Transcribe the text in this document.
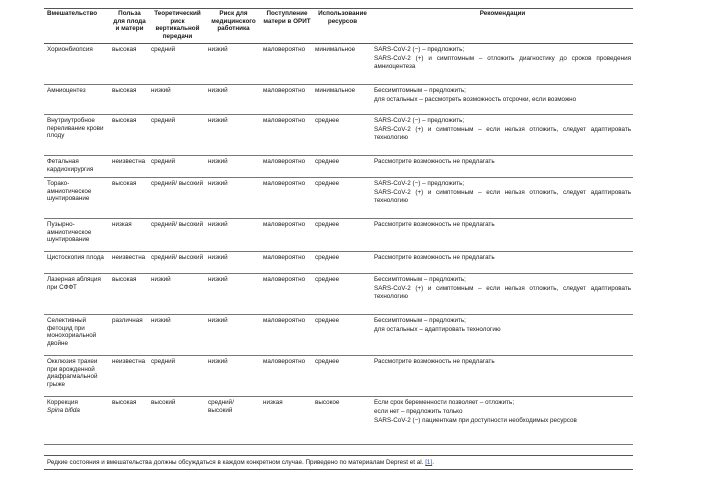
Вмешательство	Польза для плода и матери	Теоретический риск вертикальной передачи	Риск для медицинского работника	Поступление матери в ОРИТ	Использование ресурсов	Рекомендации
Хорионбиопсия	высокая	средний	низкий	маловероятно	минимальное	SARS-CoV-2 (−) – предложить;
SARS-CoV-2 (+) и симптомным – отложить диагностику до сроков проведения амниоцентеза

Амниоцентез	высокая	низкий	низкий	маловероятно	минимальное	Бессимптомным – предложить;
для остальных – рассмотреть возможность отсрочки, если возможно

Внутриутробное переливание крови плоду	высокая	средний	низкий	маловероятно	среднее	SARS-CoV-2 (−) – предложить;
SARS-CoV-2 (+) и симптомным – если нельзя отложить, следует адаптировать технологию

Фетальная кардиохирургия	неизвестна	средний	низкий	маловероятно	среднее	Рассмотрите возможность не предлагать

Торако-амниотическое шунтирование	высокая	средний/ высокий	низкий	маловероятно	среднее	SARS-CoV-2 (−) – предложить;
SARS-CoV-2 (+) и симптомным – если нельзя отложить, следует адаптировать технологию

Пузырно-амниотическое шунтирование	низкая	средний/ высокий	низкий	маловероятно	среднее	Рассмотрите возможность не предлагать

Цистоскопия плода	неизвестна	средний/ высокий	низкий	маловероятно	среднее	Рассмотрите возможность не предлагать

Лазерная абляция при СФФТ	высокая	низкий	низкий	маловероятно	среднее	Бессимптомным – предложить;
SARS-CoV-2 (+) и симптомным – если нельзя отложить, следует адаптировать технологию

Селективный фетоцид при монохориальной двойне	различная	низкий	низкий	маловероятно	среднее	Бессимптомным – предложить;
для остальных – адаптировать технологию

Окклюзия трахеи при врожденной диафрагмальной грыже	неизвестна	средний	низкий	маловероятно	среднее	Рассмотрите возможность не предлагать

Коррекция
Spina bifida	высокая	высокий	средний/ высокий	низкая	высокое	Если срок беременности позволяет – отложить;
если нет – предложить только
SARS-CoV-2 (−) пациенткам при доступности необходимых ресурсов
Редкие состояния и вмешательства должны обсуждаться в каждом конкретном случае. Приведено по материалам Deprest et al. [1].
